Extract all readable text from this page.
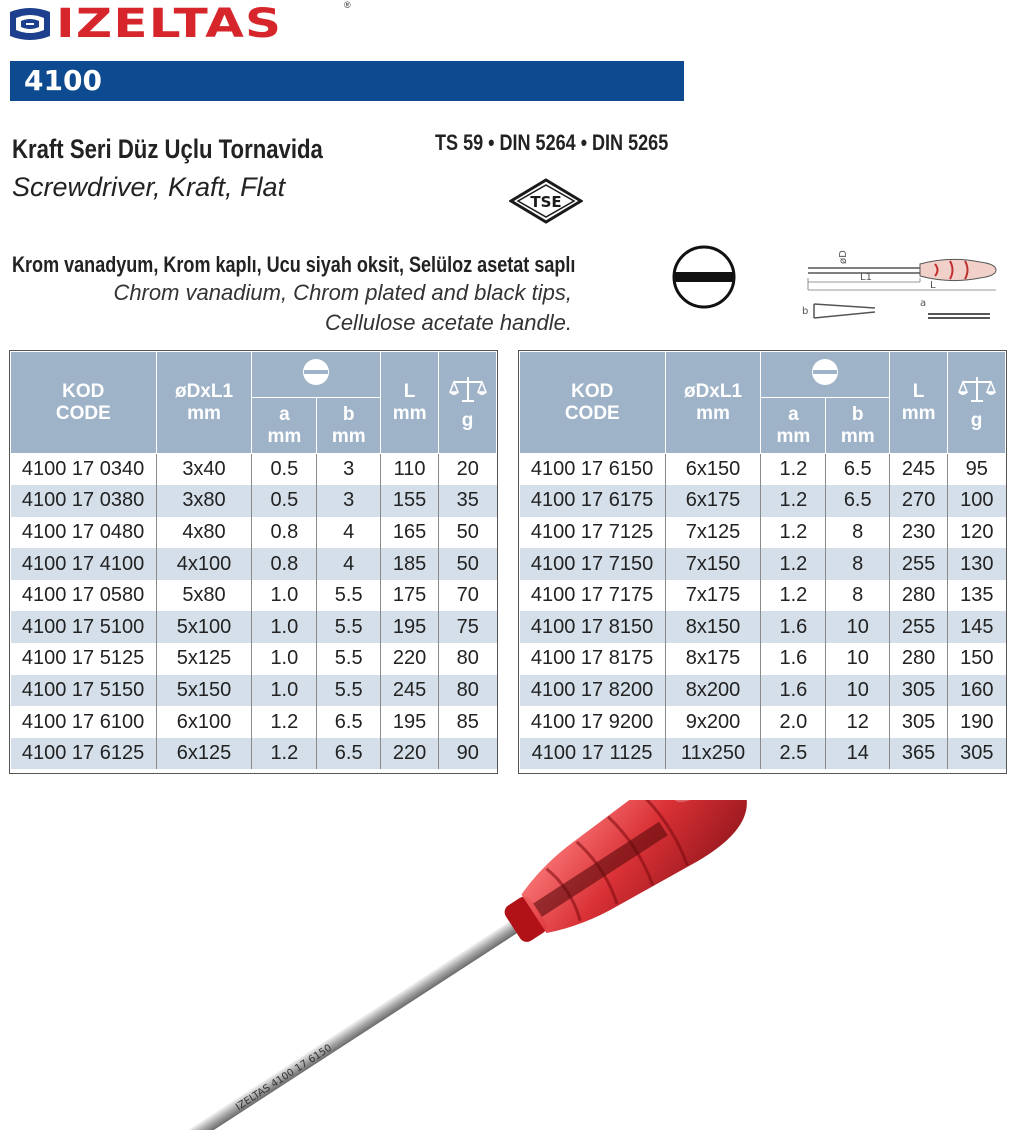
IZELTAS	®
4100
Kraft Seri Düz Uçlu Tornavida
Screwdriver, Kraft, Flat
TS 59 • DIN 5264 • DIN 5265
TSE
Krom vanadyum, Krom kaplı, Ucu siyah oksit, Selüloz asetat saplı
Chrom vanadium, Chrom plated and black tips,
Cellulose acetate handle.
L1
L
øD
b
a
KOD
CODE	øDxL1
mm			L
mm	g
		a
mm	b
mm		
4100 17 0340	3x40	0.5	3	110	20
4100 17 0380	3x80	0.5	3	155	35
4100 17 0480	4x80	0.8	4	165	50
4100 17 4100	4x100	0.8	4	185	50
4100 17 0580	5x80	1.0	5.5	175	70
4100 17 5100	5x100	1.0	5.5	195	75
4100 17 5125	5x125	1.0	5.5	220	80
4100 17 5150	5x150	1.0	5.5	245	80
4100 17 6100	6x100	1.2	6.5	195	85
4100 17 6125	6x125	1.2	6.5	220	90
KOD
CODE	øDxL1
mm			L
mm	g
		a
mm	b
mm		
4100 17 6150	6x150	1.2	6.5	245	95
4100 17 6175	6x175	1.2	6.5	270	100
4100 17 7125	7x125	1.2	8	230	120
4100 17 7150	7x150	1.2	8	255	130
4100 17 7175	7x175	1.2	8	280	135
4100 17 8150	8x150	1.6	10	255	145
4100 17 8175	8x175	1.6	10	280	150
4100 17 8200	8x200	1.6	10	305	160
4100 17 9200	9x200	2.0	12	305	190
4100 17 1125	11x250	2.5	14	365	305
IZELTAS 4100 17 6150
